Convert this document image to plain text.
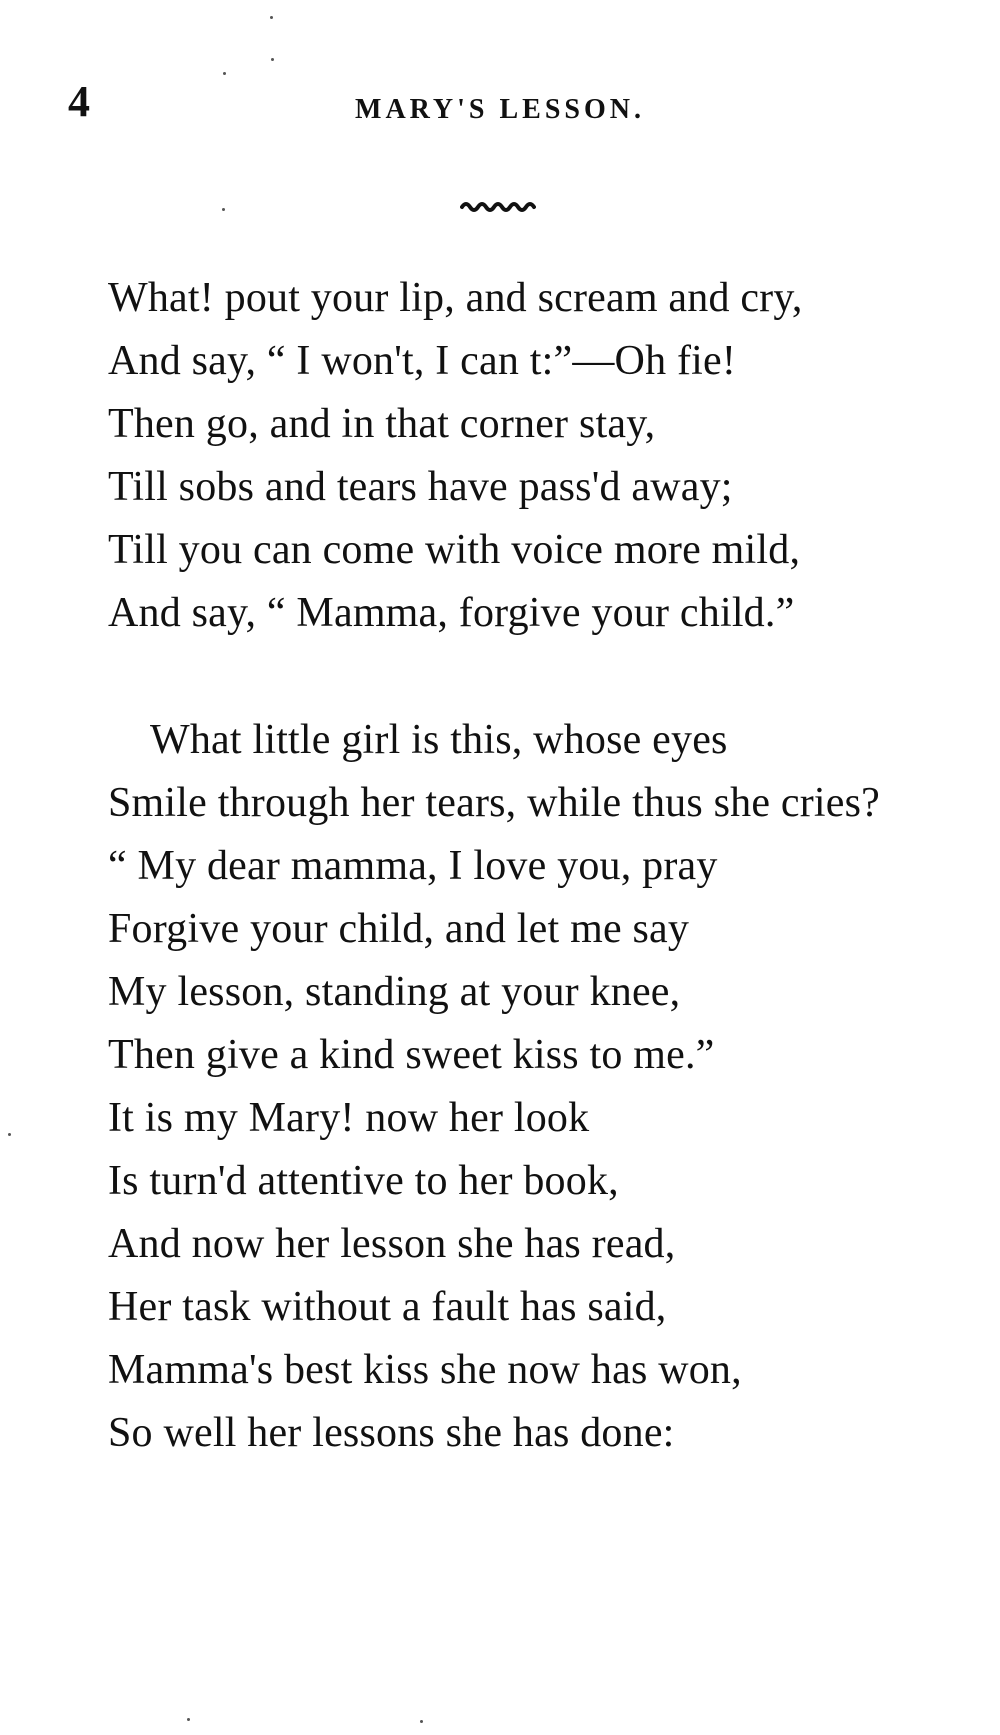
4	MARY'S LESSON.
What! pout your lip, and scream and cry,
And say, “ I won't, I can t:”—Oh fie!
Then go, and in that corner stay,
Till sobs and tears have pass'd away;
Till you can come with voice more mild,
And say, “ Mamma, forgive your child.”
What little girl is this, whose eyes
Smile through her tears, while thus she cries?
“ My dear mamma, I love you, pray
Forgive your child, and let me say
My lesson, standing at your knee,
Then give a kind sweet kiss to me.”
It is my Mary! now her look
Is turn'd attentive to her book,
And now her lesson she has read,
Her task without a fault has said,
Mamma's best kiss she now has won,
So well her lessons she has done:
